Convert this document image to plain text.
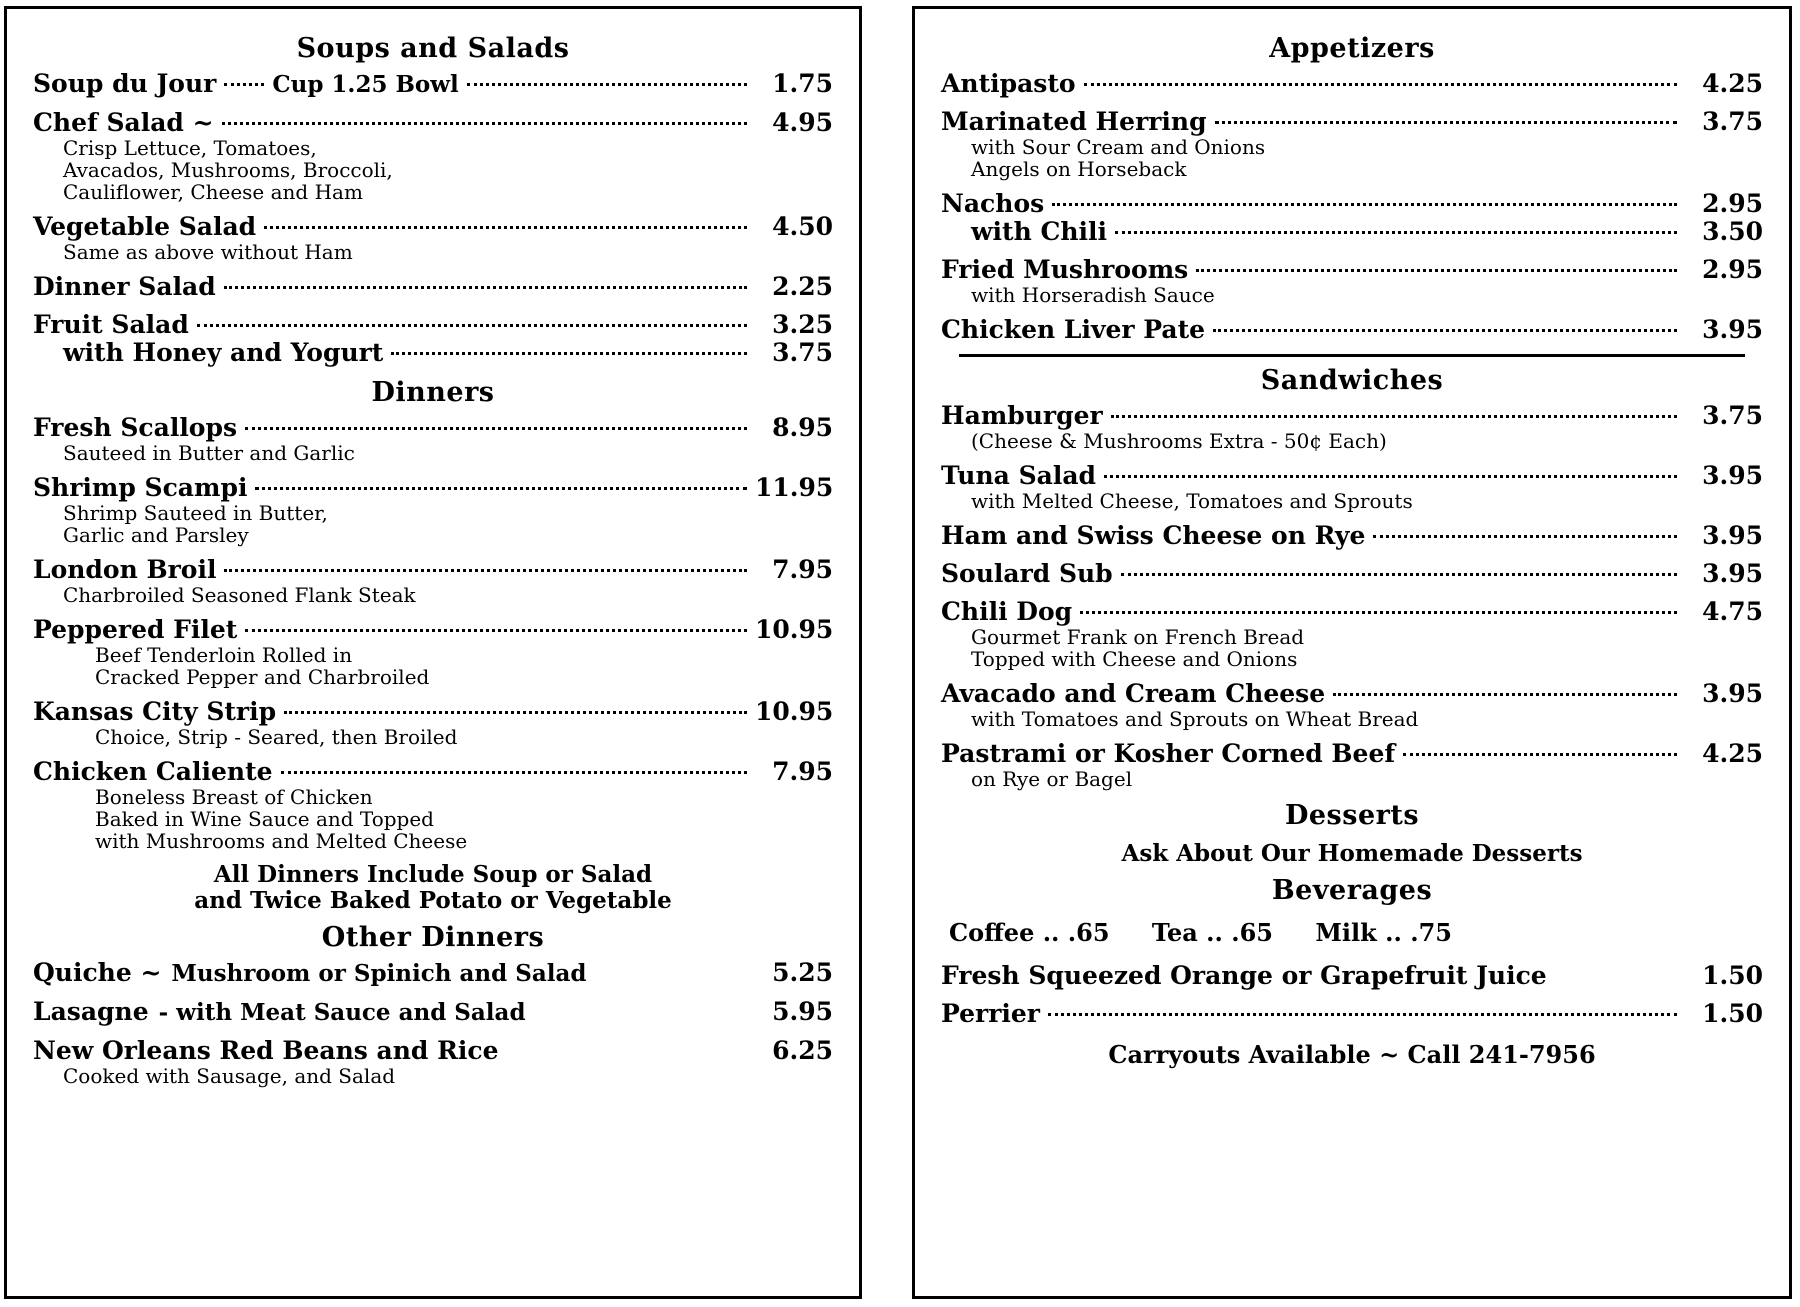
Soups and Salads
Soup du Jour Cup 1.25 Bowl	1.75
Chef Salad ~	4.95
Crisp Lettuce, Tomatoes,
Avacados, Mushrooms, Broccoli,
Cauliflower, Cheese and Ham
Vegetable Salad	4.50
Same as above without Ham
Dinner Salad	2.25
Fruit Salad	3.25
with Honey and Yogurt	3.75
Dinners
Fresh Scallops	8.95
Sauteed in Butter and Garlic
Shrimp Scampi	11.95
Shrimp Sauteed in Butter,
Garlic and Parsley
London Broil	7.95
Charbroiled Seasoned Flank Steak
Peppered Filet	10.95
Beef Tenderloin Rolled in
Cracked Pepper and Charbroiled
Kansas City Strip	10.95
Choice, Strip - Seared, then Broiled
Chicken Caliente	7.95
Boneless Breast of Chicken
Baked in Wine Sauce and Topped
with Mushrooms and Melted Cheese
All Dinners Include Soup or Salad
and Twice Baked Potato or Vegetable
Other Dinners
Quiche ~ Mushroom or Spinich and Salad	5.25
Lasagne - with Meat Sauce and Salad	5.95
New Orleans Red Beans and Rice	6.25
Cooked with Sausage, and Salad
Appetizers
Antipasto	4.25
Marinated Herring	3.75
with Sour Cream and Onions
Angels on Horseback
Nachos	2.95
with Chili	3.50
Fried Mushrooms	2.95
with Horseradish Sauce
Chicken Liver Pate	3.95
Sandwiches
Hamburger	3.75
(Cheese & Mushrooms Extra - 50¢ Each)
Tuna Salad	3.95
with Melted Cheese, Tomatoes and Sprouts
Ham and Swiss Cheese on Rye	3.95
Soulard Sub	3.95
Chili Dog	4.75
Gourmet Frank on French Bread
Topped with Cheese and Onions
Avacado and Cream Cheese	3.95
with Tomatoes and Sprouts on Wheat Bread
Pastrami or Kosher Corned Beef	4.25
on Rye or Bagel
Desserts
Ask About Our Homemade Desserts
Beverages
Coffee .. .65 Tea .. .65 Milk .. .75
Fresh Squeezed Orange or Grapefruit Juice	1.50
Perrier	1.50
Carryouts Available ~ Call 241-7956
